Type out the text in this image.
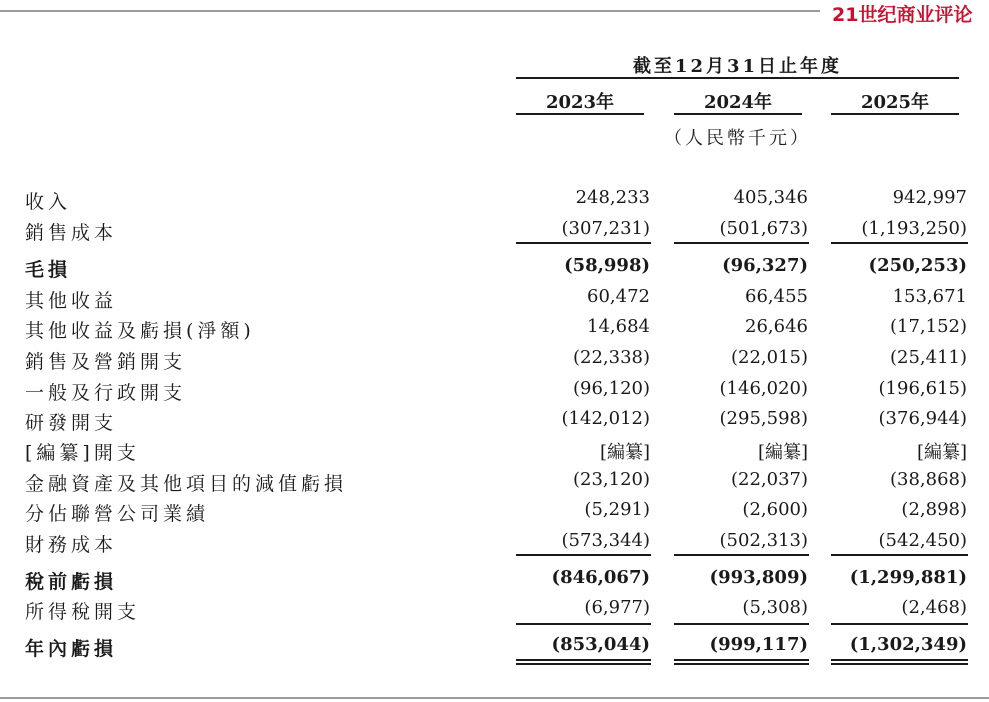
21世纪商业评论
截至12月31日止年度
2023年	2024年	2025年
（人民幣千元）
收入	248,233	405,346	942,997
銷售成本	(307,231)	(501,673)	(1,193,250)
毛損	(58,998)	(96,327)	(250,253)
其他收益	60,472	66,455	153,671
其他收益及虧損(淨額)	14,684	26,646	(17,152)
銷售及營銷開支	(22,338)	(22,015)	(25,411)
一般及行政開支	(96,120)	(146,020)	(196,615)
研發開支	(142,012)	(295,598)	(376,944)
[編纂]開支	[編纂]	[編纂]	[編纂]
金融資產及其他項目的減值虧損	(23,120)	(22,037)	(38,868)
分佔聯營公司業績	(5,291)	(2,600)	(2,898)
財務成本	(573,344)	(502,313)	(542,450)
稅前虧損	(846,067)	(993,809)	(1,299,881)
所得稅開支	(6,977)	(5,308)	(2,468)
年內虧損	(853,044)	(999,117)	(1,302,349)
